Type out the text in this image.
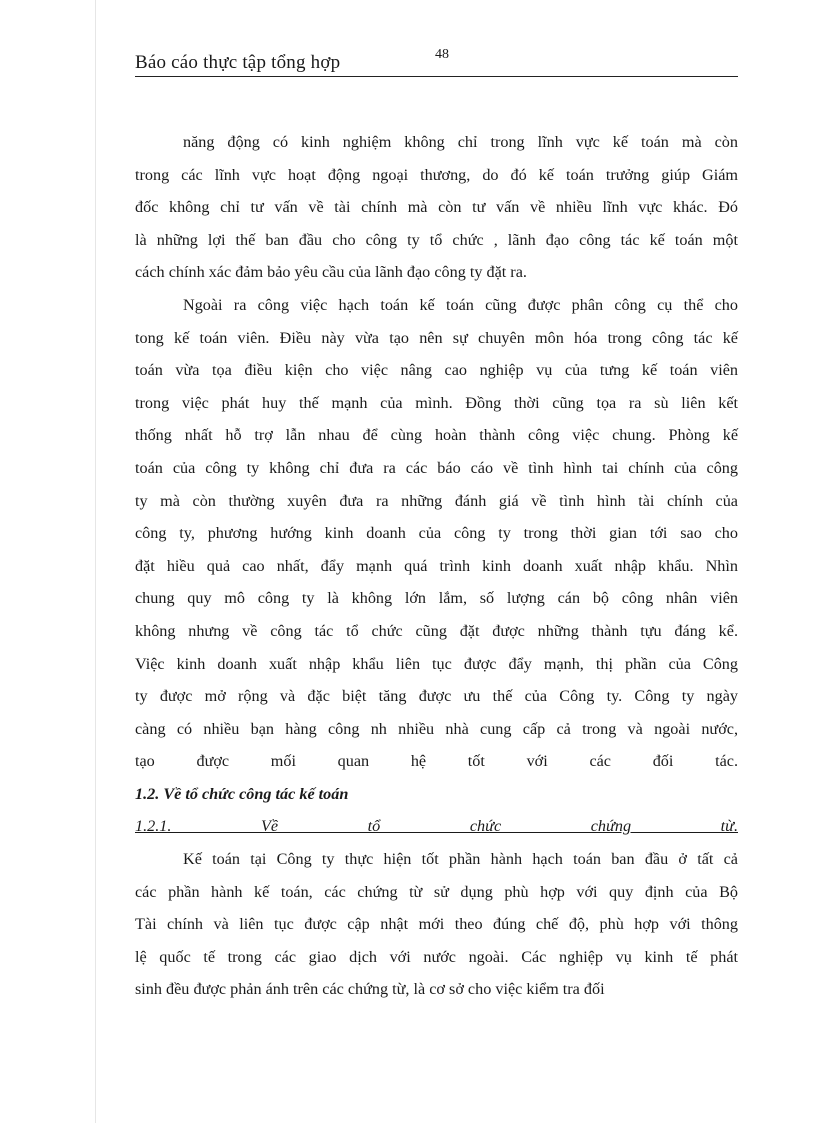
Báo cáo thực tập tổng hợp	48
năng động có kinh nghiệm không chỉ trong lĩnh vực kế toán mà còn
trong các lĩnh vực hoạt động ngoại thương, do đó kế toán trưởng giúp Giám
đốc không chỉ tư vấn về tài chính mà còn tư vấn về nhiều lĩnh vực khác. Đó
là những lợi thế ban đầu cho công ty tổ chức , lãnh đạo công tác kế toán một
cách chính xác đảm bảo yêu cầu của lãnh đạo công ty đặt ra.
Ngoài ra công việc hạch toán kế toán cũng được phân công cụ thể cho
tong kế toán viên. Điều này vừa tạo nên sự chuyên môn hóa trong công tác kế
toán vừa tọa điều kiện cho việc nâng cao nghiệp vụ của tưng kế toán viên
trong việc phát huy thế mạnh của mình. Đồng thời cũng tọa ra sù liên kết
thống nhất hỗ trợ lẫn nhau để cùng hoàn thành công việc chung. Phòng kế
toán của công ty không chỉ đưa ra các báo cáo về tình hình tai chính của công
ty mà còn thường xuyên đưa ra những đánh giá về tình hình tài chính của
công ty, phương hướng kinh doanh của công ty trong thời gian tới sao cho
đặt hiều quả cao nhất, đẩy mạnh quá trình kinh doanh xuất nhập khẩu. Nhìn
chung quy mô công ty là không lớn lắm, số lượng cán bộ công nhân viên
không nhưng về công tác tổ chức cũng đặt được những thành tựu đáng kể.
Việc kinh doanh xuất nhập khẩu liên tục được đẩy mạnh, thị phần của Công
ty được mở rộng và đặc biệt tăng được ưu thế của Công ty. Công ty ngày
càng có nhiều bạn hàng công nh nhiều nhà cung cấp cả trong và ngoài nước,
tạo được mối quan hệ tốt với các đối tác.
1.2. Về tổ chức công tác kế toán
1.2.1. Về tổ chức chứng từ.
Kế toán tại Công ty thực hiện tốt phần hành hạch toán ban đầu ở tất cả
các phần hành kế toán, các chứng từ sử dụng phù hợp với quy định của Bộ
Tài chính và liên tục được cập nhật mới theo đúng chế độ, phù hợp với thông
lệ quốc tế trong các giao dịch với nước ngoài. Các nghiệp vụ kinh tế phát
sinh đều được phản ánh trên các chứng từ, là cơ sở cho việc kiểm tra đối
